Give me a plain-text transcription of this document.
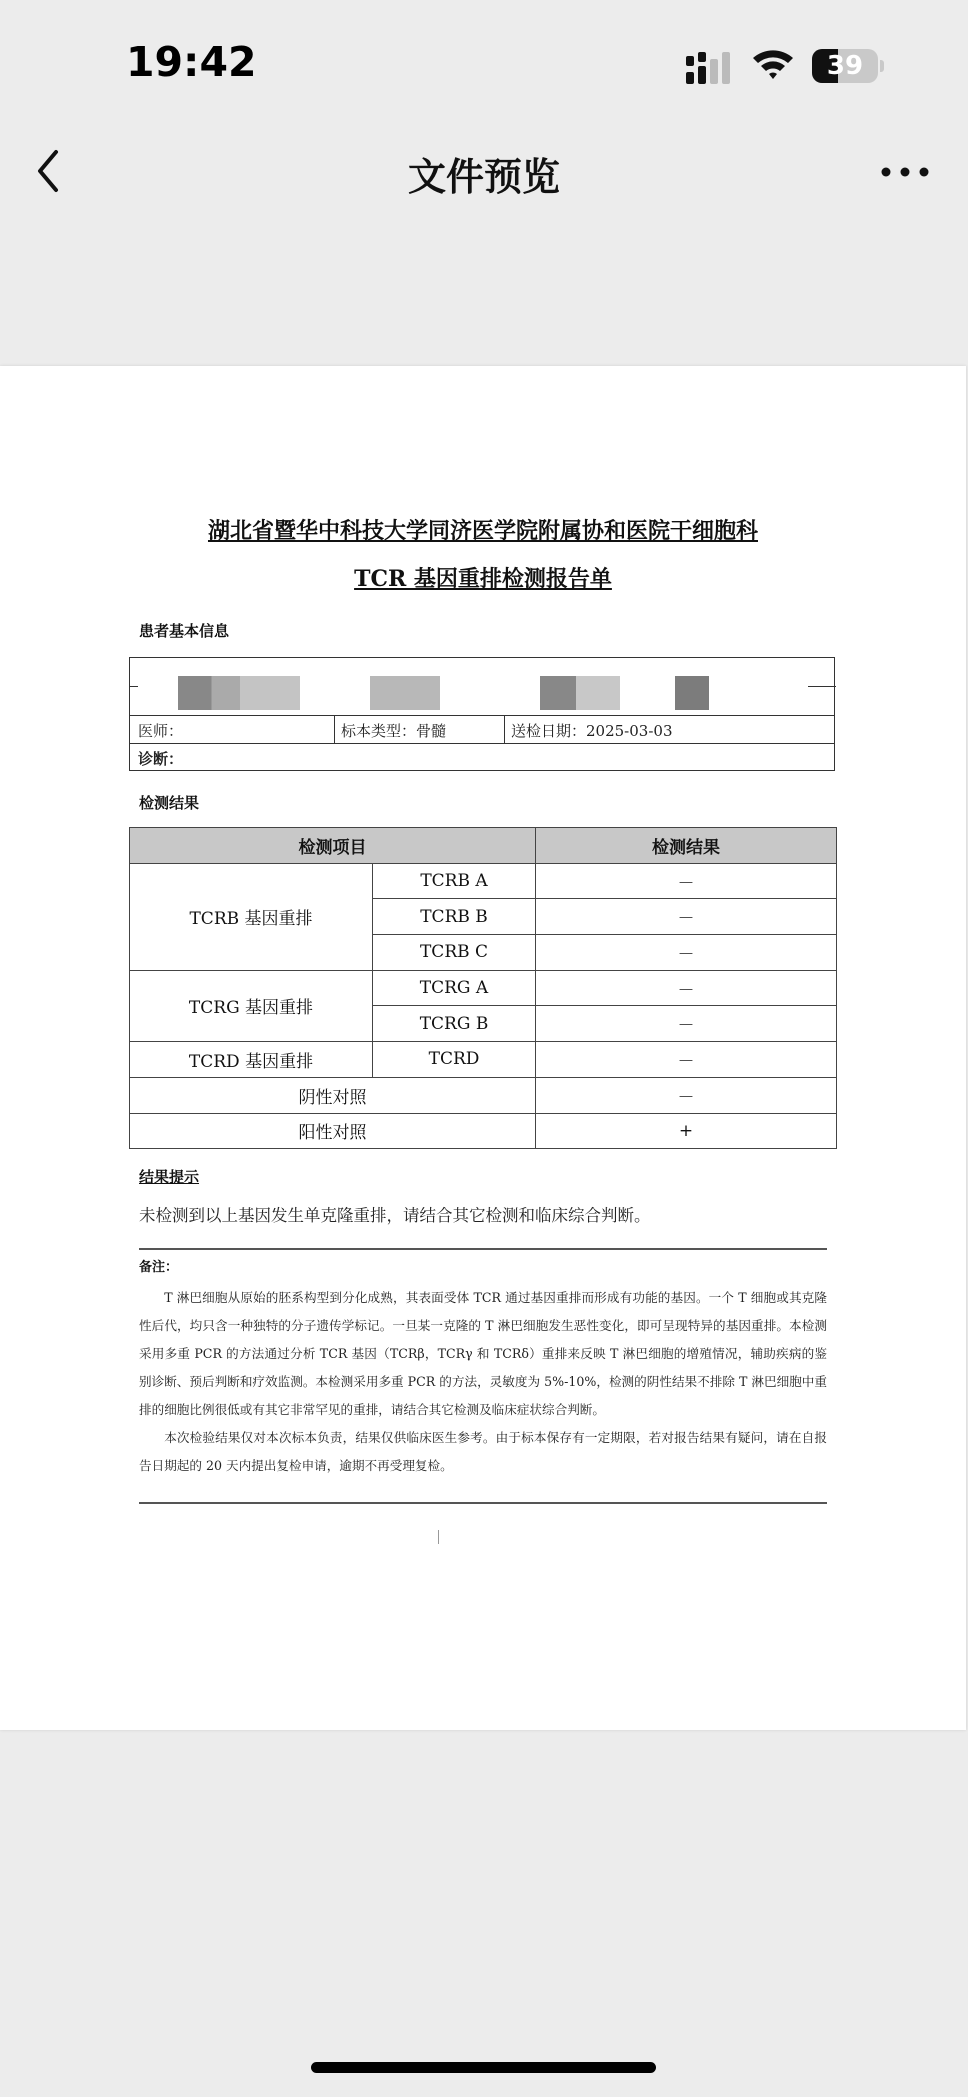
19:42	39
文件预览
湖北省暨华中科技大学同济医学院附属协和医院干细胞科
TCR 基因重排检测报告单
患者基本信息
医师：	标本类型：骨髓	送检日期：2025-03-03
诊断：
检测结果
检测项目		检测结果
TCRB 基因重排	TCRB A	－
	TCRB B	－
	TCRB C	－
TCRG 基因重排	TCRG A	－
	TCRG B	－
TCRD 基因重排	TCRD	－
阴性对照		－
阳性对照		+
结果提示
未检测到以上基因发生单克隆重排，请结合其它检测和临床综合判断。
备注：

T 淋巴细胞从原始的胚系构型到分化成熟，其表面受体 TCR 通过基因重排而形成有功能的基因。一个 T 细胞或其克隆性后代，均只含一种独特的分子遗传学标记。一旦某一克隆的 T 淋巴细胞发生恶性变化，即可呈现特异的基因重排。本检测采用多重 PCR 的方法通过分析 TCR 基因（TCRβ，TCRγ 和 TCRδ）重排来反映 T 淋巴细胞的增殖情况，辅助疾病的鉴别诊断、预后判断和疗效监测。本检测采用多重 PCR 的方法，灵敏度为 5%-10%，检测的阴性结果不排除 T 淋巴细胞中重排的细胞比例很低或有其它非常罕见的重排，请结合其它检测及临床症状综合判断。

本次检验结果仅对本次标本负责，结果仅供临床医生参考。由于标本保存有一定期限，若对报告结果有疑问，请在自报告日期起的 20 天内提出复检申请，逾期不再受理复检。
